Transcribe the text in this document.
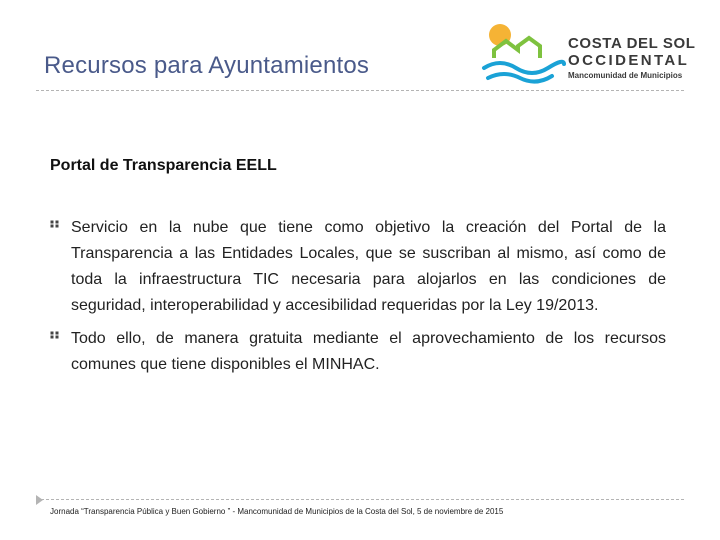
Recursos para Ayuntamientos
COSTA DEL SOL
OCCIDENTAL
Mancomunidad de Municipios
Portal de Transparencia EELL
Servicio en la nube que tiene como objetivo la creación del Portal de la Transparencia a las Entidades Locales, que se suscriban al mismo, así como de toda la infraestructura TIC necesaria para alojarlos en las condiciones de seguridad, interoperabilidad y accesibilidad requeridas por la Ley 19/2013.
Todo ello, de manera gratuita mediante el aprovechamiento de los recursos comunes que tiene disponibles el MINHAC.
Jornada “Transparencia Pública y Buen Gobierno ” - Mancomunidad de Municipios de la Costa del Sol, 5 de noviembre de 2015
